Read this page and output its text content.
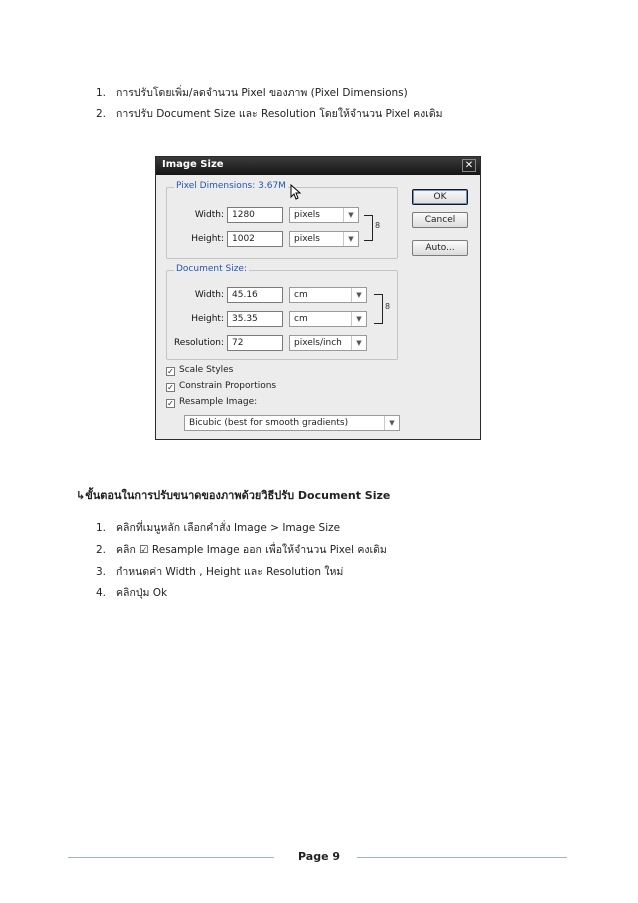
1. การปรับโดยเพิ่ม/ลดจำนวน Pixel ของภาพ (Pixel Dimensions)
2. การปรับ Document Size และ Resolution โดยให้จำนวน Pixel คงเดิม
Image Size	✕
Pixel Dimensions: 3.67M
Width: 1280	pixels	▼
Height: 1002	pixels	▼
8
Document Size:
Width: 45.16	cm	▼
Height: 35.35	cm	▼
8
Resolution: 72	pixels/inch	▼
✓ Scale Styles
✓ Constrain Proportions
✓ Resample Image:
Bicubic (best for smooth gradients)	▼
OK
Cancel
Auto...
↳ขั้นตอนในการปรับขนาดของภาพด้วยวิธีปรับ Document Size
1. คลิกที่เมนูหลัก เลือกคำสั่ง Image > Image Size
2. คลิก ☑ Resample Image ออก เพื่อให้จำนวน Pixel คงเดิม
3. กำหนดค่า Width , Height และ Resolution ใหม่
4. คลิกปุ่ม Ok
Page 9
